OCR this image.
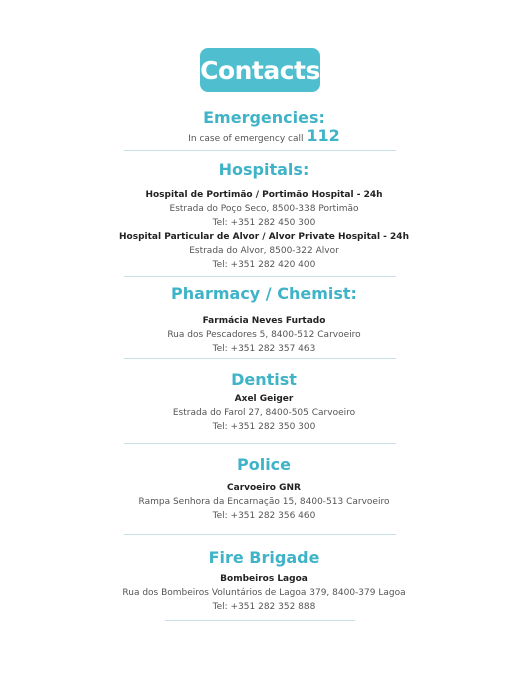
Contacts
Emergencies:
In case of emergency call 112
Hospitals:
Hospital de Portimão / Portimão Hospital - 24h
Estrada do Poço Seco, 8500-338 Portimão
Tel: +351 282 450 300
Hospital Particular de Alvor / Alvor Private Hospital - 24h
Estrada do Alvor, 8500-322 Alvor
Tel: +351 282 420 400
Pharmacy / Chemist:
Farmácia Neves Furtado
Rua dos Pescadores 5, 8400-512 Carvoeiro
Tel: +351 282 357 463
Dentist
Axel Geiger
Estrada do Farol 27, 8400-505 Carvoeiro
Tel: +351 282 350 300
Police
Carvoeiro GNR
Rampa Senhora da Encarnação 15, 8400-513 Carvoeiro
Tel: +351 282 356 460
Fire Brigade
Bombeiros Lagoa
Rua dos Bombeiros Voluntários de Lagoa 379, 8400-379 Lagoa
Tel: +351 282 352 888
